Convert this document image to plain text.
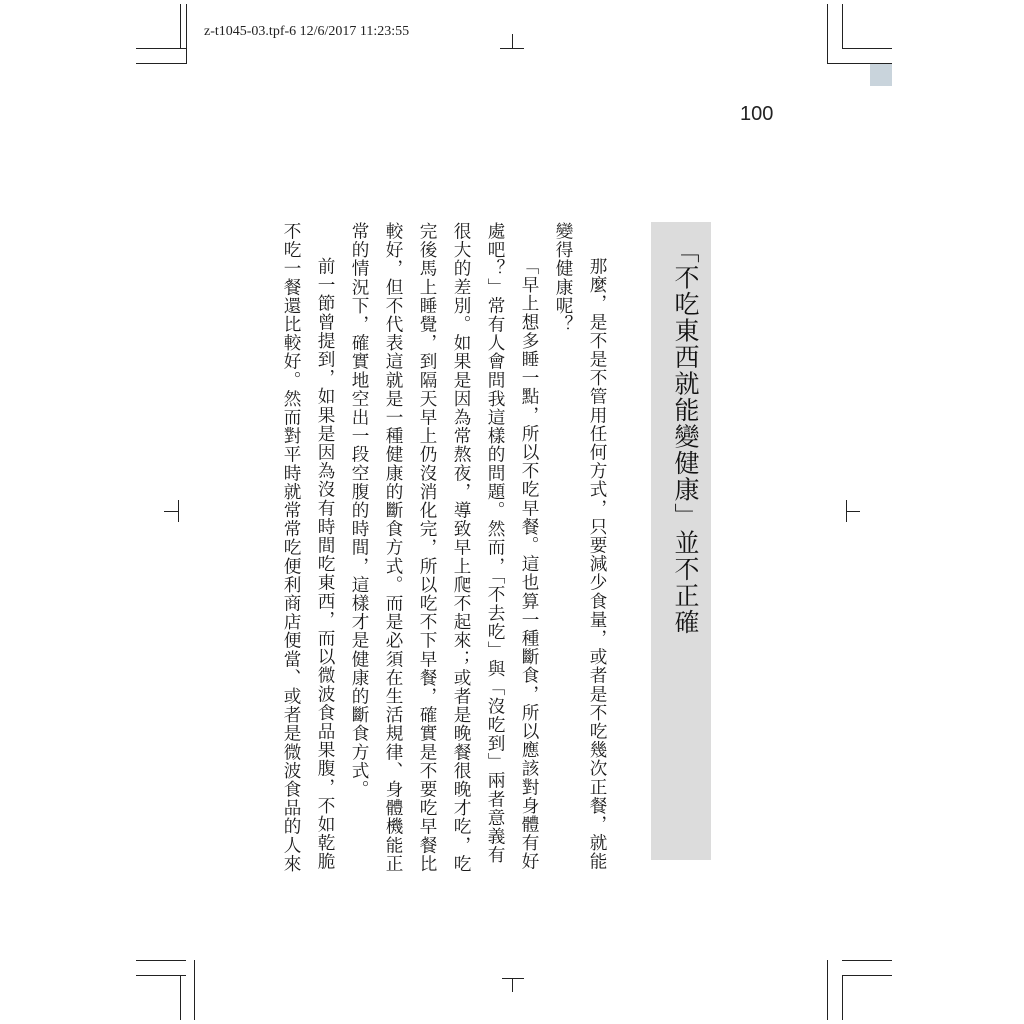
z-t1045-03.tpf-6 12/6/2017 11:23:55
100
「不吃東西就能變健康」並不正確

那麼，是不是不管用任何方式，只要減少食量，或者是不吃幾次正餐，就能變得健康呢？

「早上想多睡一點，所以不吃早餐。這也算一種斷食，所以應該對身體有好處吧？」常有人會問我這樣的問題。然而，「不去吃」與「沒吃到」兩者意義有很大的差別。如果是因為常熬夜，導致早上爬不起來；或者是晚餐很晚才吃，吃完後馬上睡覺，到隔天早上仍沒消化完，所以吃不下早餐，確實是不要吃早餐比較好，但不代表這就是一種健康的斷食方式。而是必須在生活規律、身體機能正常的情況下，確實地空出一段空腹的時間，這樣才是健康的斷食方式。

前一節曾提到，如果是因為沒有時間吃東西，而以微波食品果腹，不如乾脆不吃一餐還比較好。然而對平時就常常吃便利商店便當、或者是微波食品的人來
